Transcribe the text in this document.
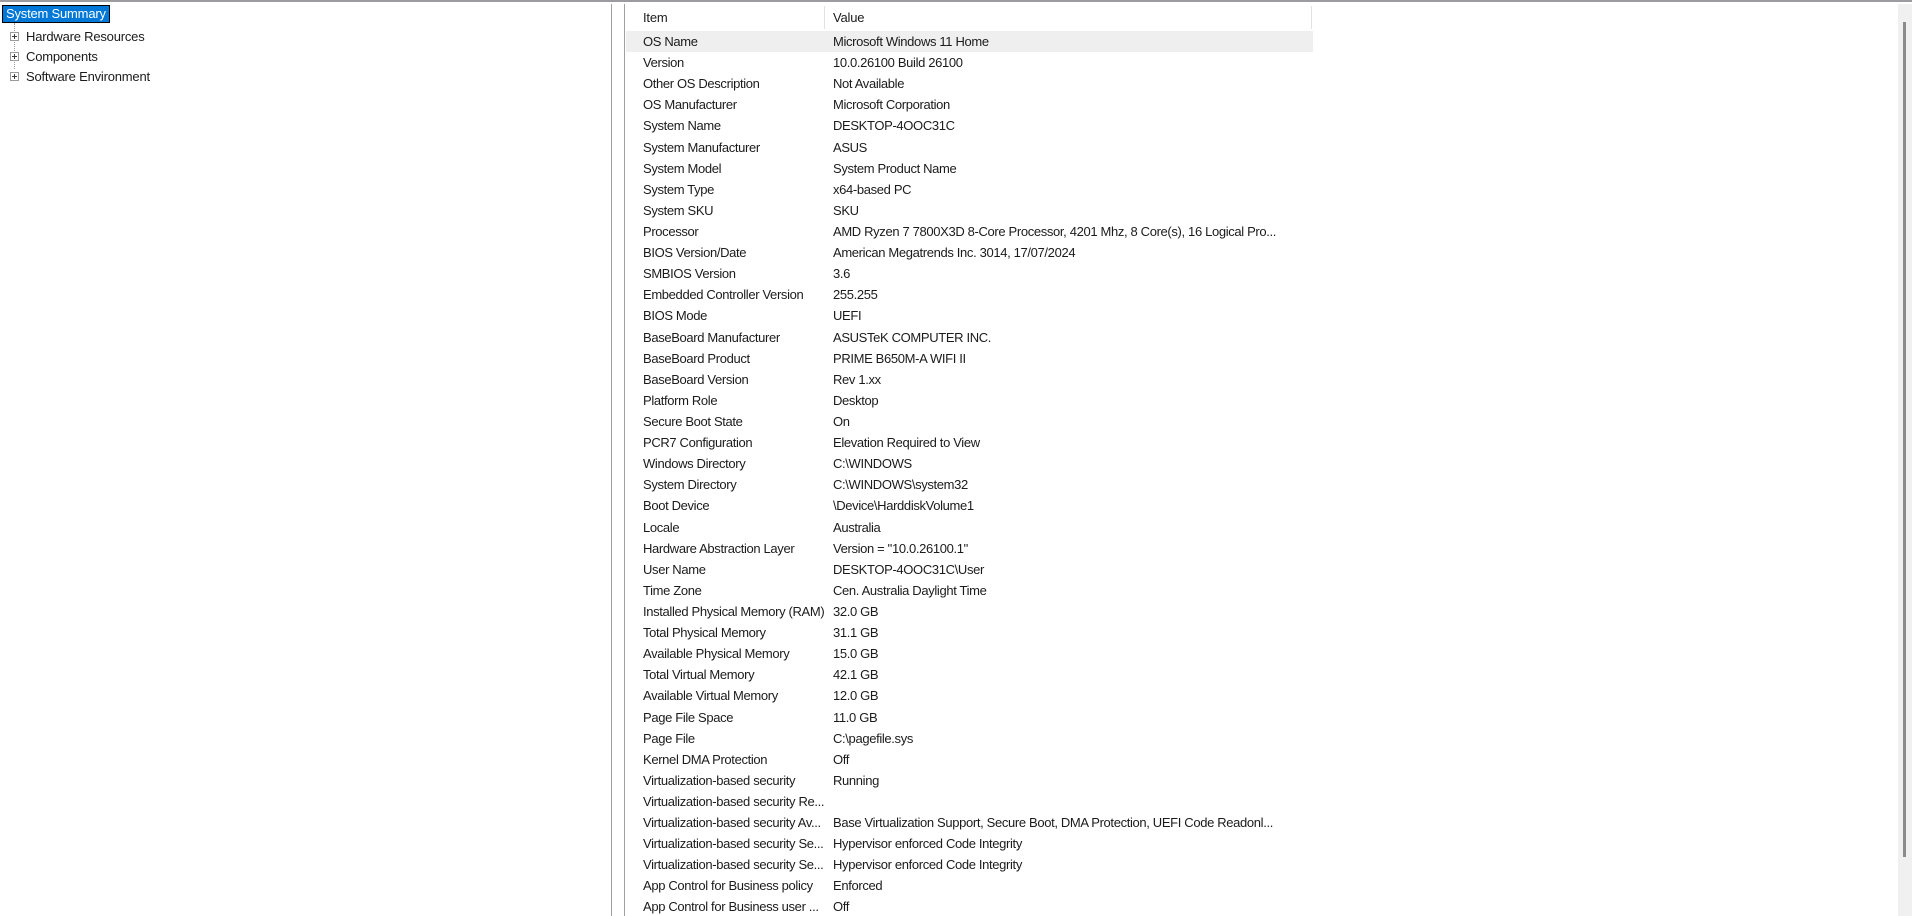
System Summary
Hardware Resources
Components
Software Environment
Item	Value
OS Name	Microsoft Windows 11 Home
Version	10.0.26100 Build 26100
Other OS Description	Not Available
OS Manufacturer	Microsoft Corporation
System Name	DESKTOP-4OOC31C
System Manufacturer	ASUS
System Model	System Product Name
System Type	x64-based PC
System SKU	SKU
Processor	AMD Ryzen 7 7800X3D 8-Core Processor, 4201 Mhz, 8 Core(s), 16 Logical Pro...
BIOS Version/Date	American Megatrends Inc. 3014, 17/07/2024
SMBIOS Version	3.6
Embedded Controller Version	255.255
BIOS Mode	UEFI
BaseBoard Manufacturer	ASUSTeK COMPUTER INC.
BaseBoard Product	PRIME B650M-A WIFI II
BaseBoard Version	Rev 1.xx
Platform Role	Desktop
Secure Boot State	On
PCR7 Configuration	Elevation Required to View
Windows Directory	C:\WINDOWS
System Directory	C:\WINDOWS\system32
Boot Device	\Device\HarddiskVolume1
Locale	Australia
Hardware Abstraction Layer	Version = "10.0.26100.1"
User Name	DESKTOP-4OOC31C\User
Time Zone	Cen. Australia Daylight Time
Installed Physical Memory (RAM) 32.0 GB
Total Physical Memory	31.1 GB
Available Physical Memory	15.0 GB
Total Virtual Memory	42.1 GB
Available Virtual Memory	12.0 GB
Page File Space	11.0 GB
Page File	C:\pagefile.sys
Kernel DMA Protection	Off
Virtualization-based security	Running
Virtualization-based security Re...
Virtualization-based security Av... Base Virtualization Support, Secure Boot, DMA Protection, UEFI Code Readonl...
Virtualization-based security Se... Hypervisor enforced Code Integrity
Virtualization-based security Se... Hypervisor enforced Code Integrity
App Control for Business policy	Enforced
App Control for Business user ...	Off
